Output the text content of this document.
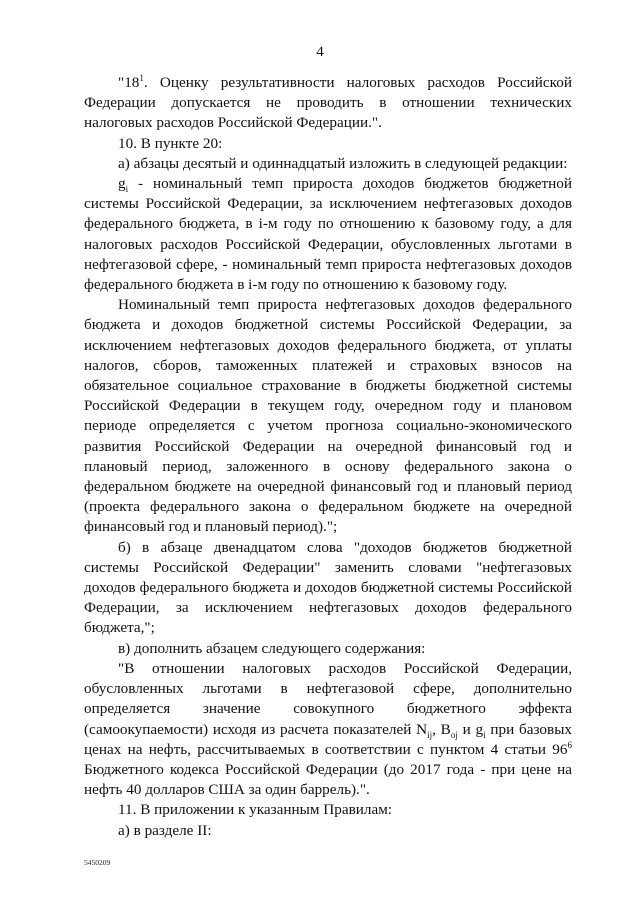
4

"$18^1$. Оценку результативности налоговых расходов Российской Федерации допускается не проводить в отношении технических налоговых расходов Российской Федерации.".

10. В пункте 20:

а) абзацы десятый и одиннадцатый изложить в следующей редакции:

$g_i$ - номинальный темп прироста доходов бюджетов бюджетной системы Российской Федерации, за исключением нефтегазовых доходов федерального бюджета, в i-м году по отношению к базовому году, а для налоговых расходов Российской Федерации, обусловленных льготами в нефтегазовой сфере, - номинальный темп прироста нефтегазовых доходов федерального бюджета в i-м году по отношению к базовому году.

Номинальный темп прироста нефтегазовых доходов федерального бюджета и доходов бюджетной системы Российской Федерации, за исключением нефтегазовых доходов федерального бюджета, от уплаты налогов, сборов, таможенных платежей и страховых взносов на обязательное социальное страхование в бюджеты бюджетной системы Российской Федерации в текущем году, очередном году и плановом периоде определяется с учетом прогноза социально-экономического развития Российской Федерации на очередной финансовый год и плановый период, заложенного в основу федерального закона о федеральном бюджете на очередной финансовый год и плановый период (проекта федерального закона о федеральном бюджете на очередной финансовый год и плановый период).";

б) в абзаце двенадцатом слова "доходов бюджетов бюджетной системы Российской Федерации" заменить словами "нефтегазовых доходов федерального бюджета и доходов бюджетной системы Российской Федерации, за исключением нефтегазовых доходов федерального бюджета,";

в) дополнить абзацем следующего содержания:

"В отношении налоговых расходов Российской Федерации, обусловленных льготами в нефтегазовой сфере, дополнительно определяется значение совокупного бюджетного эффекта (самоокупаемости) исходя из расчета показателей $N_{ij}$, $B_{oj}$ и $g_i$ при базовых ценах на нефть, рассчитываемых в соответствии с пунктом 4 статьи $96^6$ Бюджетного кодекса Российской Федерации (до 2017 года - при цене на нефть 40 долларов США за один баррель).".

11. В приложении к указанным Правилам:

а) в разделе II:

5450209
